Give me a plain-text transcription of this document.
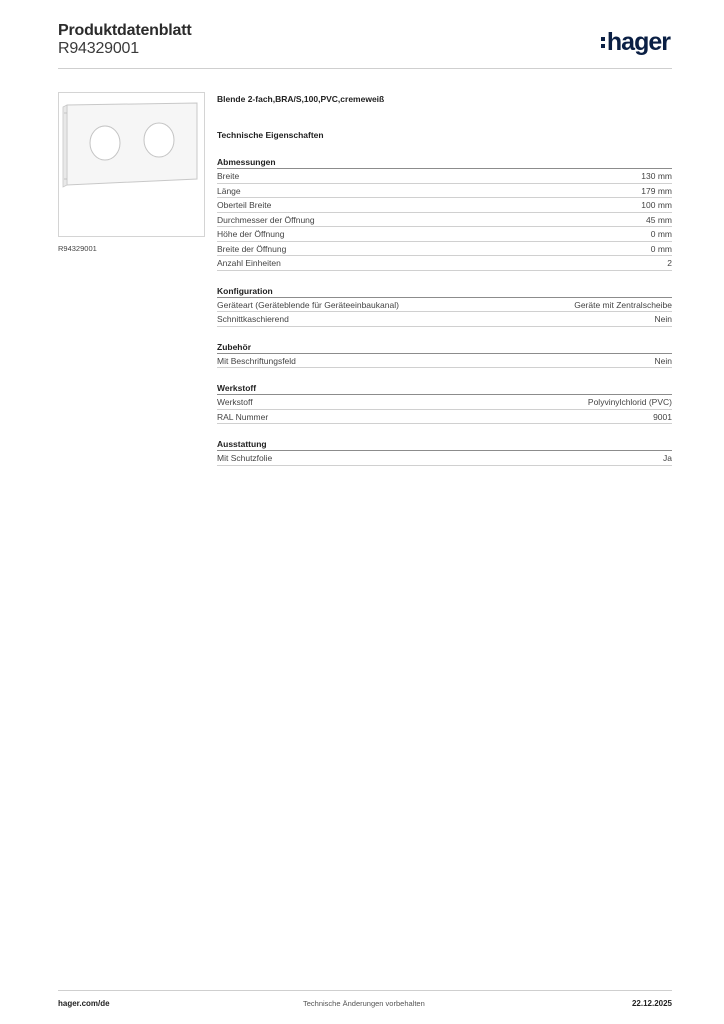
Produktdatenblatt
R94329001	hager
R94329001
Blende 2-fach,BRA/S,100,PVC,cremeweiß
Technische Eigenschaften
Abmessungen
Breite	130 mm
Länge	179 mm
Oberteil Breite	100 mm
Durchmesser der Öffnung	45 mm
Höhe der Öffnung	0 mm
Breite der Öffnung	0 mm
Anzahl Einheiten	2
Konfiguration
Geräteart (Geräteblende für Geräteeinbaukanal)	Geräte mit Zentralscheibe
Schnittkaschierend	Nein
Zubehör
Mit Beschriftungsfeld	Nein
Werkstoff
Werkstoff	Polyvinylchlorid (PVC)
RAL Nummer	9001
Ausstattung
Mit Schutzfolie	Ja
hager.com/de	Technische Änderungen vorbehalten	22.12.2025
